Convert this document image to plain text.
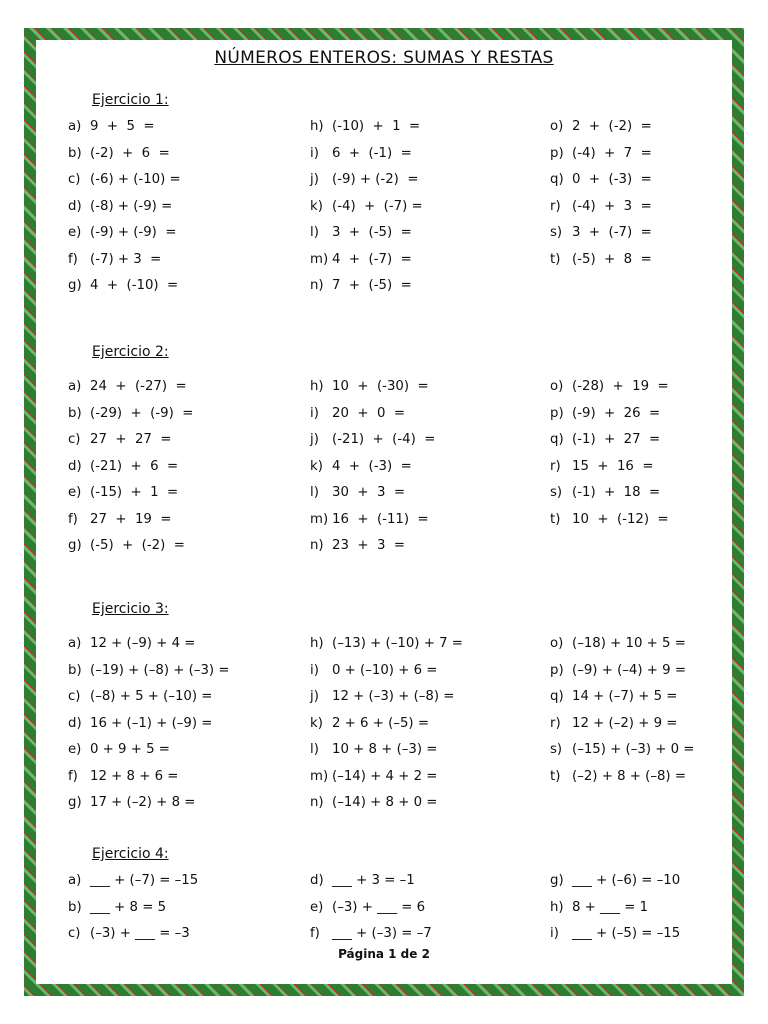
NÚMEROS ENTEROS: SUMAS Y RESTAS
Ejercicio 1:
a) 9  +  5  =
b) (-2)  +  6  =
c) (-6) + (-10) =
d) (-8) + (-9) =
e) (-9) + (-9)  =
f) (-7) + 3  =
g) 4  +  (-10)  =
h) (-10)  +  1  =
i) 6  +  (-1)  =
j) (-9) + (-2)  =
k) (-4)  +  (-7) =
l) 3  +  (-5)  =
m) 4  +  (-7)  =
n) 7  +  (-5)  =
o) 2  +  (-2)  =
p) (-4)  +  7  =
q) 0  +  (-3)  =
r) (-4)  +  3  =
s) 3  +  (-7)  =
t) (-5)  +  8  =
Ejercicio 2:
a) 24  +  (-27)  =
b) (-29)  +  (-9)  =
c) 27  +  27  =
d) (-21)  +  6  =
e) (-15)  +  1  =
f) 27  +  19  =
g) (-5)  +  (-2)  =
h) 10  +  (-30)  =
i) 20  +  0  =
j) (-21)  +  (-4)  =
k) 4  +  (-3)  =
l) 30  +  3  =
m) 16  +  (-11)  =
n) 23  +  3  =
o) (-28)  +  19  =
p) (-9)  +  26  =
q) (-1)  +  27  =
r) 15  +  16  =
s) (-1)  +  18  =
t) 10  +  (-12)  =
Ejercicio 3:
a) 12 + (–9) + 4 =
b) (–19) + (–8) + (–3) =
c) (–8) + 5 + (–10) =
d) 16 + (–1) + (–9) =
e) 0 + 9 + 5 =
f) 12 + 8 + 6 =
g) 17 + (–2) + 8 =
h) (–13) + (–10) + 7 =
i) 0 + (–10) + 6 =
j) 12 + (–3) + (–8) =
k) 2 + 6 + (–5) =
l) 10 + 8 + (–3) =
m) (–14) + 4 + 2 =
n) (–14) + 8 + 0 =
o) (–18) + 10 + 5 =
p) (–9) + (–4) + 9 =
q) 14 + (–7) + 5 =
r) 12 + (–2) + 9 =
s) (–15) + (–3) + 0 =
t) (–2) + 8 + (–8) =
Ejercicio 4:
a) ___ + (–7) = –15
b) ___ + 8 = 5
c) (–3) + ___ = –3
d) ___ + 3 = –1
e) (–3) + ___ = 6
f) ___ + (–3) = –7
g) ___ + (–6) = –10
h) 8 + ___ = 1
i) ___ + (–5) = –15
Página 1 de 2
